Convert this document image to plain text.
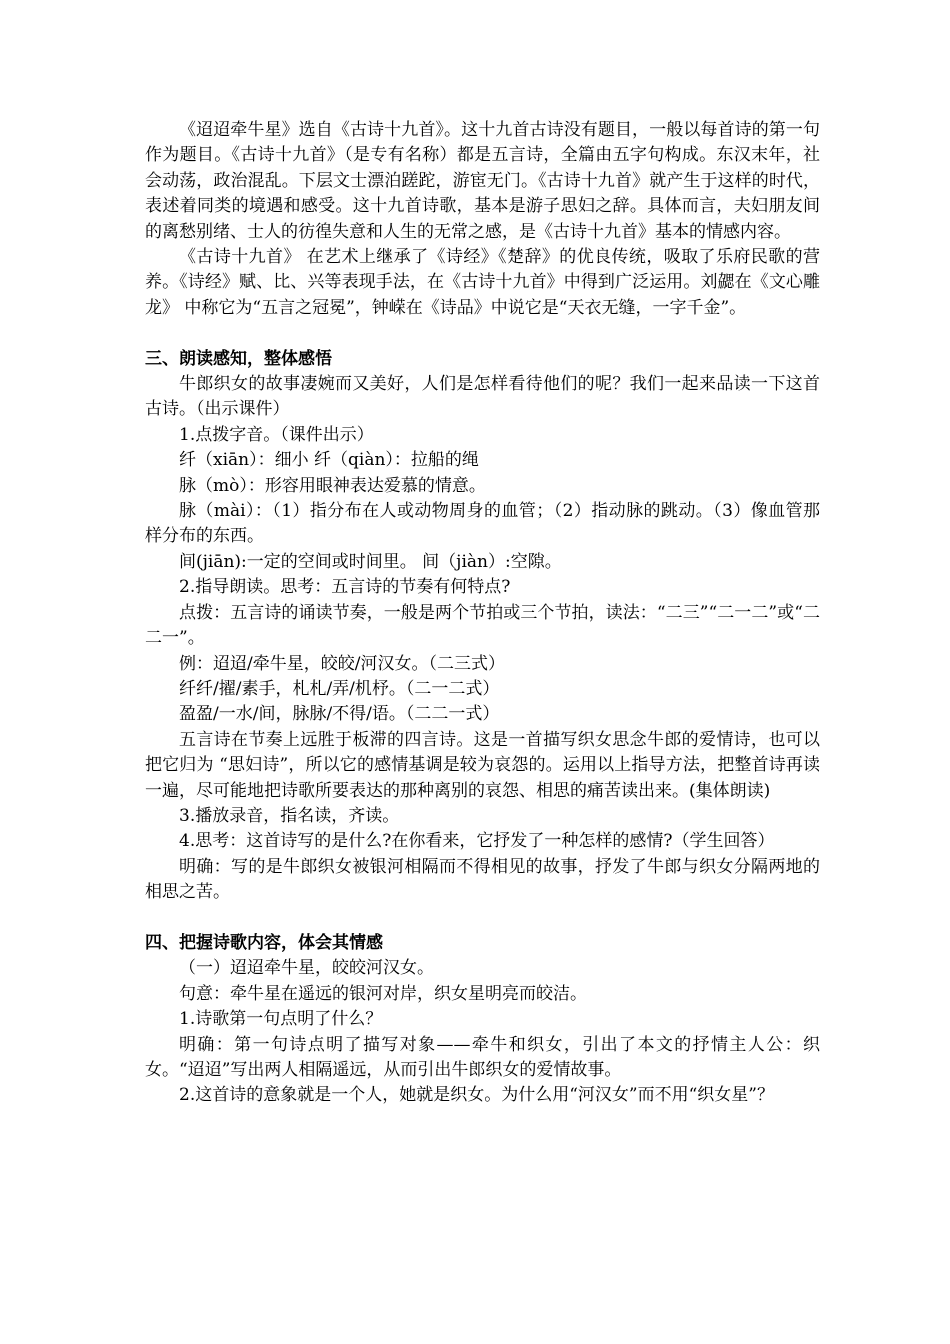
《迢迢牵牛星》选自《古诗十九首》。这十九首古诗没有题目，一般以每首诗的第一句作为题目。《古诗十九首》（是专有名称）都是五言诗，全篇由五字句构成。东汉末年，社会动荡，政治混乱。下层文士漂泊蹉跎，游宦无门。《古诗十九首》就产生于这样的时代，表述着同类的境遇和感受。这十九首诗歌，基本是游子思妇之辞。具体而言，夫妇朋友间的离愁别绪、士人的彷徨失意和人生的无常之感，是《古诗十九首》基本的情感内容。

《古诗十九首》 在艺术上继承了《诗经》《楚辞》的优良传统，吸取了乐府民歌的营养。《诗经》赋、比、兴等表现手法，在《古诗十九首》中得到广泛运用。刘勰在《文心雕龙》 中称它为“五言之冠冕”，钟嵘在《诗品》中说它是“天衣无缝，一字千金”。

三、朗读感知，整体感悟

牛郎织女的故事凄婉而又美好，人们是怎样看待他们的呢？我们一起来品读一下这首古诗。（出示课件）

1.点拨字音。（课件出示）

纤（xiān）：细小 纤（qiàn）：拉船的绳

脉（mò）：形容用眼神表达爱慕的情意。

脉（mài）：（1）指分布在人或动物周身的血管；（2）指动脉的跳动。（3）像血管那样分布的东西。

间(jiān):一定的空间或时间里。 间（jiàn）:空隙。

2.指导朗读。思考：五言诗的节奏有何特点?

点拨：五言诗的诵读节奏，一般是两个节拍或三个节拍，读法：“二三”“二一二”或“二二一”。

例：迢迢/牵牛星，皎皎/河汉女。（二三式）

纤纤/擢/素手，札札/弄/机杼。（二一二式）

盈盈/一水/间，脉脉/不得/语。（二二一式）

五言诗在节奏上远胜于板滞的四言诗。这是一首描写织女思念牛郎的爱情诗，也可以把它归为 “思妇诗”，所以它的感情基调是较为哀怨的。运用以上指导方法，把整首诗再读一遍，尽可能地把诗歌所要表达的那种离别的哀怨、相思的痛苦读出来。(集体朗读)

3.播放录音，指名读，齐读。

4.思考：这首诗写的是什么?在你看来，它抒发了一种怎样的感情?（学生回答）

明确：写的是牛郎织女被银河相隔而不得相见的故事，抒发了牛郎与织女分隔两地的相思之苦。

四、把握诗歌内容，体会其情感

（一）迢迢牵牛星，皎皎河汉女。

句意：牵牛星在遥远的银河对岸，织女星明亮而皎洁。

1.诗歌第一句点明了什么？

明确：第一句诗点明了描写对象——牵牛和织女，引出了本文的抒情主人公：织女。“迢迢”写出两人相隔遥远，从而引出牛郎织女的爱情故事。

2.这首诗的意象就是一个人，她就是织女。为什么用“河汉女”而不用“织女星”？
